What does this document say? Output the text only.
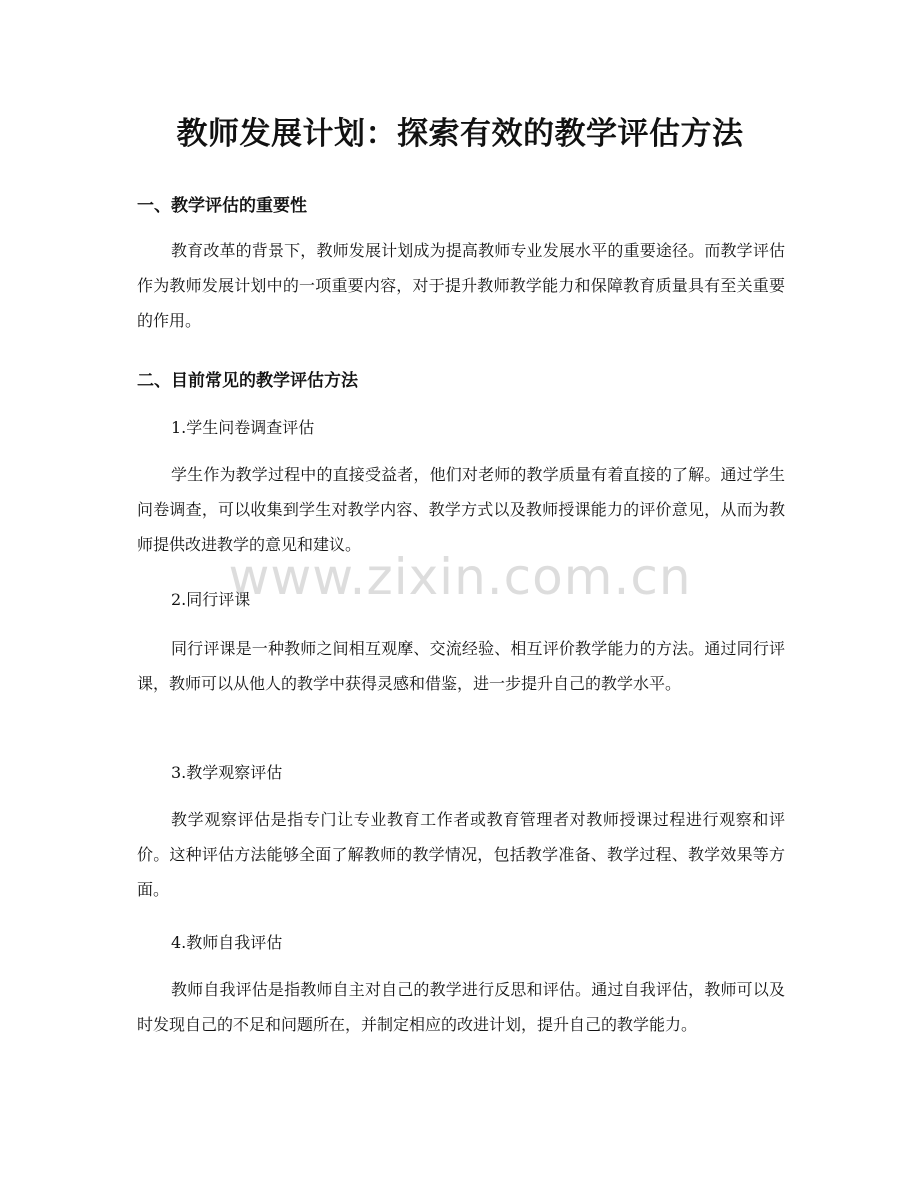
教师发展计划：探索有效的教学评估方法
一、教学评估的重要性

教育改革的背景下，教师发展计划成为提高教师专业发展水平的重要途径。而教学评估作为教师发展计划中的一项重要内容，对于提升教师教学能力和保障教育质量具有至关重要的作用。

二、目前常见的教学评估方法

1.学生问卷调查评估

学生作为教学过程中的直接受益者，他们对老师的教学质量有着直接的了解。通过学生问卷调查，可以收集到学生对教学内容、教学方式以及教师授课能力的评价意见，从而为教师提供改进教学的意见和建议。

2.同行评课

同行评课是一种教师之间相互观摩、交流经验、相互评价教学能力的方法。通过同行评课，教师可以从他人的教学中获得灵感和借鉴，进一步提升自己的教学水平。

3.教学观察评估

教学观察评估是指专门让专业教育工作者或教育管理者对教师授课过程进行观察和评价。这种评估方法能够全面了解教师的教学情况，包括教学准备、教学过程、教学效果等方面。

4.教师自我评估

教师自我评估是指教师自主对自己的教学进行反思和评估。通过自我评估，教师可以及时发现自己的不足和问题所在，并制定相应的改进计划，提升自己的教学能力。

www.zixin.com.cn
